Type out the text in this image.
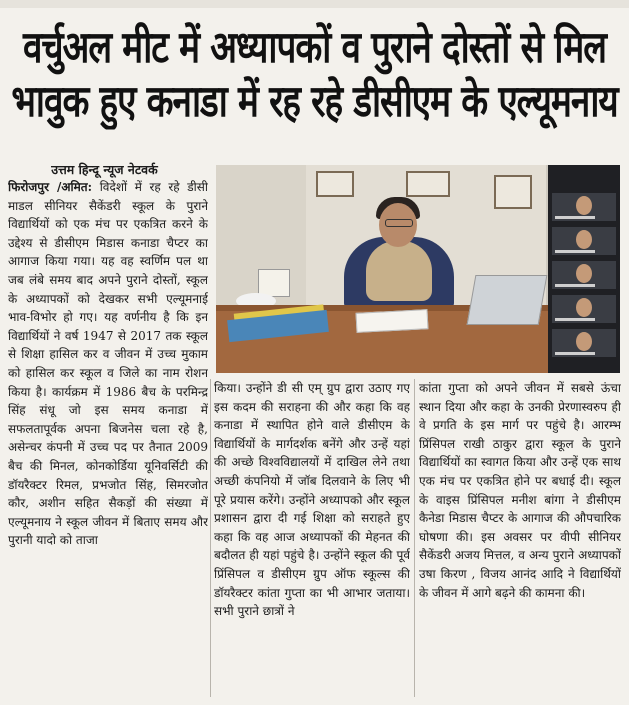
वर्चुअल मीट में अध्यापकों व पुराने दोस्तों से मिल
भावुक हुए कनाडा में रह रहे डीसीएम के एल्यूमनाय
उत्तम हिन्दू न्यूज नेटवर्क
फिरोजपुर /अमित: विदेशों में रह रहे डीसी माडल सीनियर सैकेंडरी स्कूल के पुराने विद्यार्थियों को एक मंच पर एकत्रित करने के उद्देश्य से डीसीएम मिडास कनाडा चैप्टर का आगाज किया गया। यह वह स्वर्णिम पल था जब लंबे समय बाद अपने पुराने दोस्तों, स्कूल के अध्यापकों को देखकर सभी एल्यूमनाई भाव-विभोर हो गए। यह वर्णनीय है कि इन विद्यार्थियों ने वर्ष 1947 से 2017 तक स्कूल से शिक्षा हासिल कर व जीवन में उच्च मुकाम को हासिल कर स्कूल व जिले का नाम रोशन किया है। कार्यक्रम में 1986 बैच के परमिन्द्र सिंह संधू जो इस समय कनाडा में सफलतापूर्वक अपना बिजनेस चला रहे है, असेन्चर कंपनी में उच्च पद पर तैनात 2009 बैच की मिनल, कोनकोर्डिया यूनिवर्सिटी की डॉयरैक्टर रिमल, प्रभजोत सिंह, सिमरजोत कौर, अशीन सहित सैकड़ों की संख्या में एल्यूमनाय ने स्कूल जीवन में बिताए समय और पुरानी यादो को ताजा
किया। उन्होंने डी सी एम् ग्रुप द्वारा उठाए गए इस कदम की सराहना की और कहा कि वह कनाडा में स्थापित होने वाले डीसीएम के विद्यार्थियों के मार्गदर्शक बनेंगे और उन्हें यहां की अच्छे विश्वविद्यालयों में दाखिल लेने तथा अच्छी कंपनियो में जॉब दिलवाने के लिए भी पूरे प्रयास करेंगे। उन्होंने अध्यापको और स्कूल प्रशासन द्वारा दी गई शिक्षा को सराहते हुए कहा कि वह आज अध्यापकों की मेहनत की बदौलत ही यहां पहुंचे है। उन्होंने स्कूल की पूर्व प्रिंसिपल व डीसीएम ग्रुप ऑफ स्कूल्स की डॉयरैक्टर कांता गुप्ता का भी आभार जताया। सभी पुराने छात्रों ने
कांता गुप्ता को अपने जीवन में सबसे ऊंचा स्थान दिया और कहा के उनकी प्रेरणास्वरुप ही वे प्रगति के इस मार्ग पर पहुंचे है। आरम्भ प्रिंसिपल राखी ठाकुर द्वारा स्कूल के पुराने विद्यार्थियों का स्वागत किया और उन्हें एक साथ एक मंच पर एकत्रित होने पर बधाई दी। स्कूल के वाइस प्रिंसिपल मनीश बांगा ने डीसीएम कैनेडा मिडास चैप्टर के आगाज की औपचारिक घोषणा की। इस अवसर पर वीपी सीनियर सैकेंडरी अजय मित्तल, व अन्य पुराने अध्यापकों उषा किरण , विजय आनंद आदि ने विद्यार्थियों के जीवन में आगे बढ़ने की कामना की।
